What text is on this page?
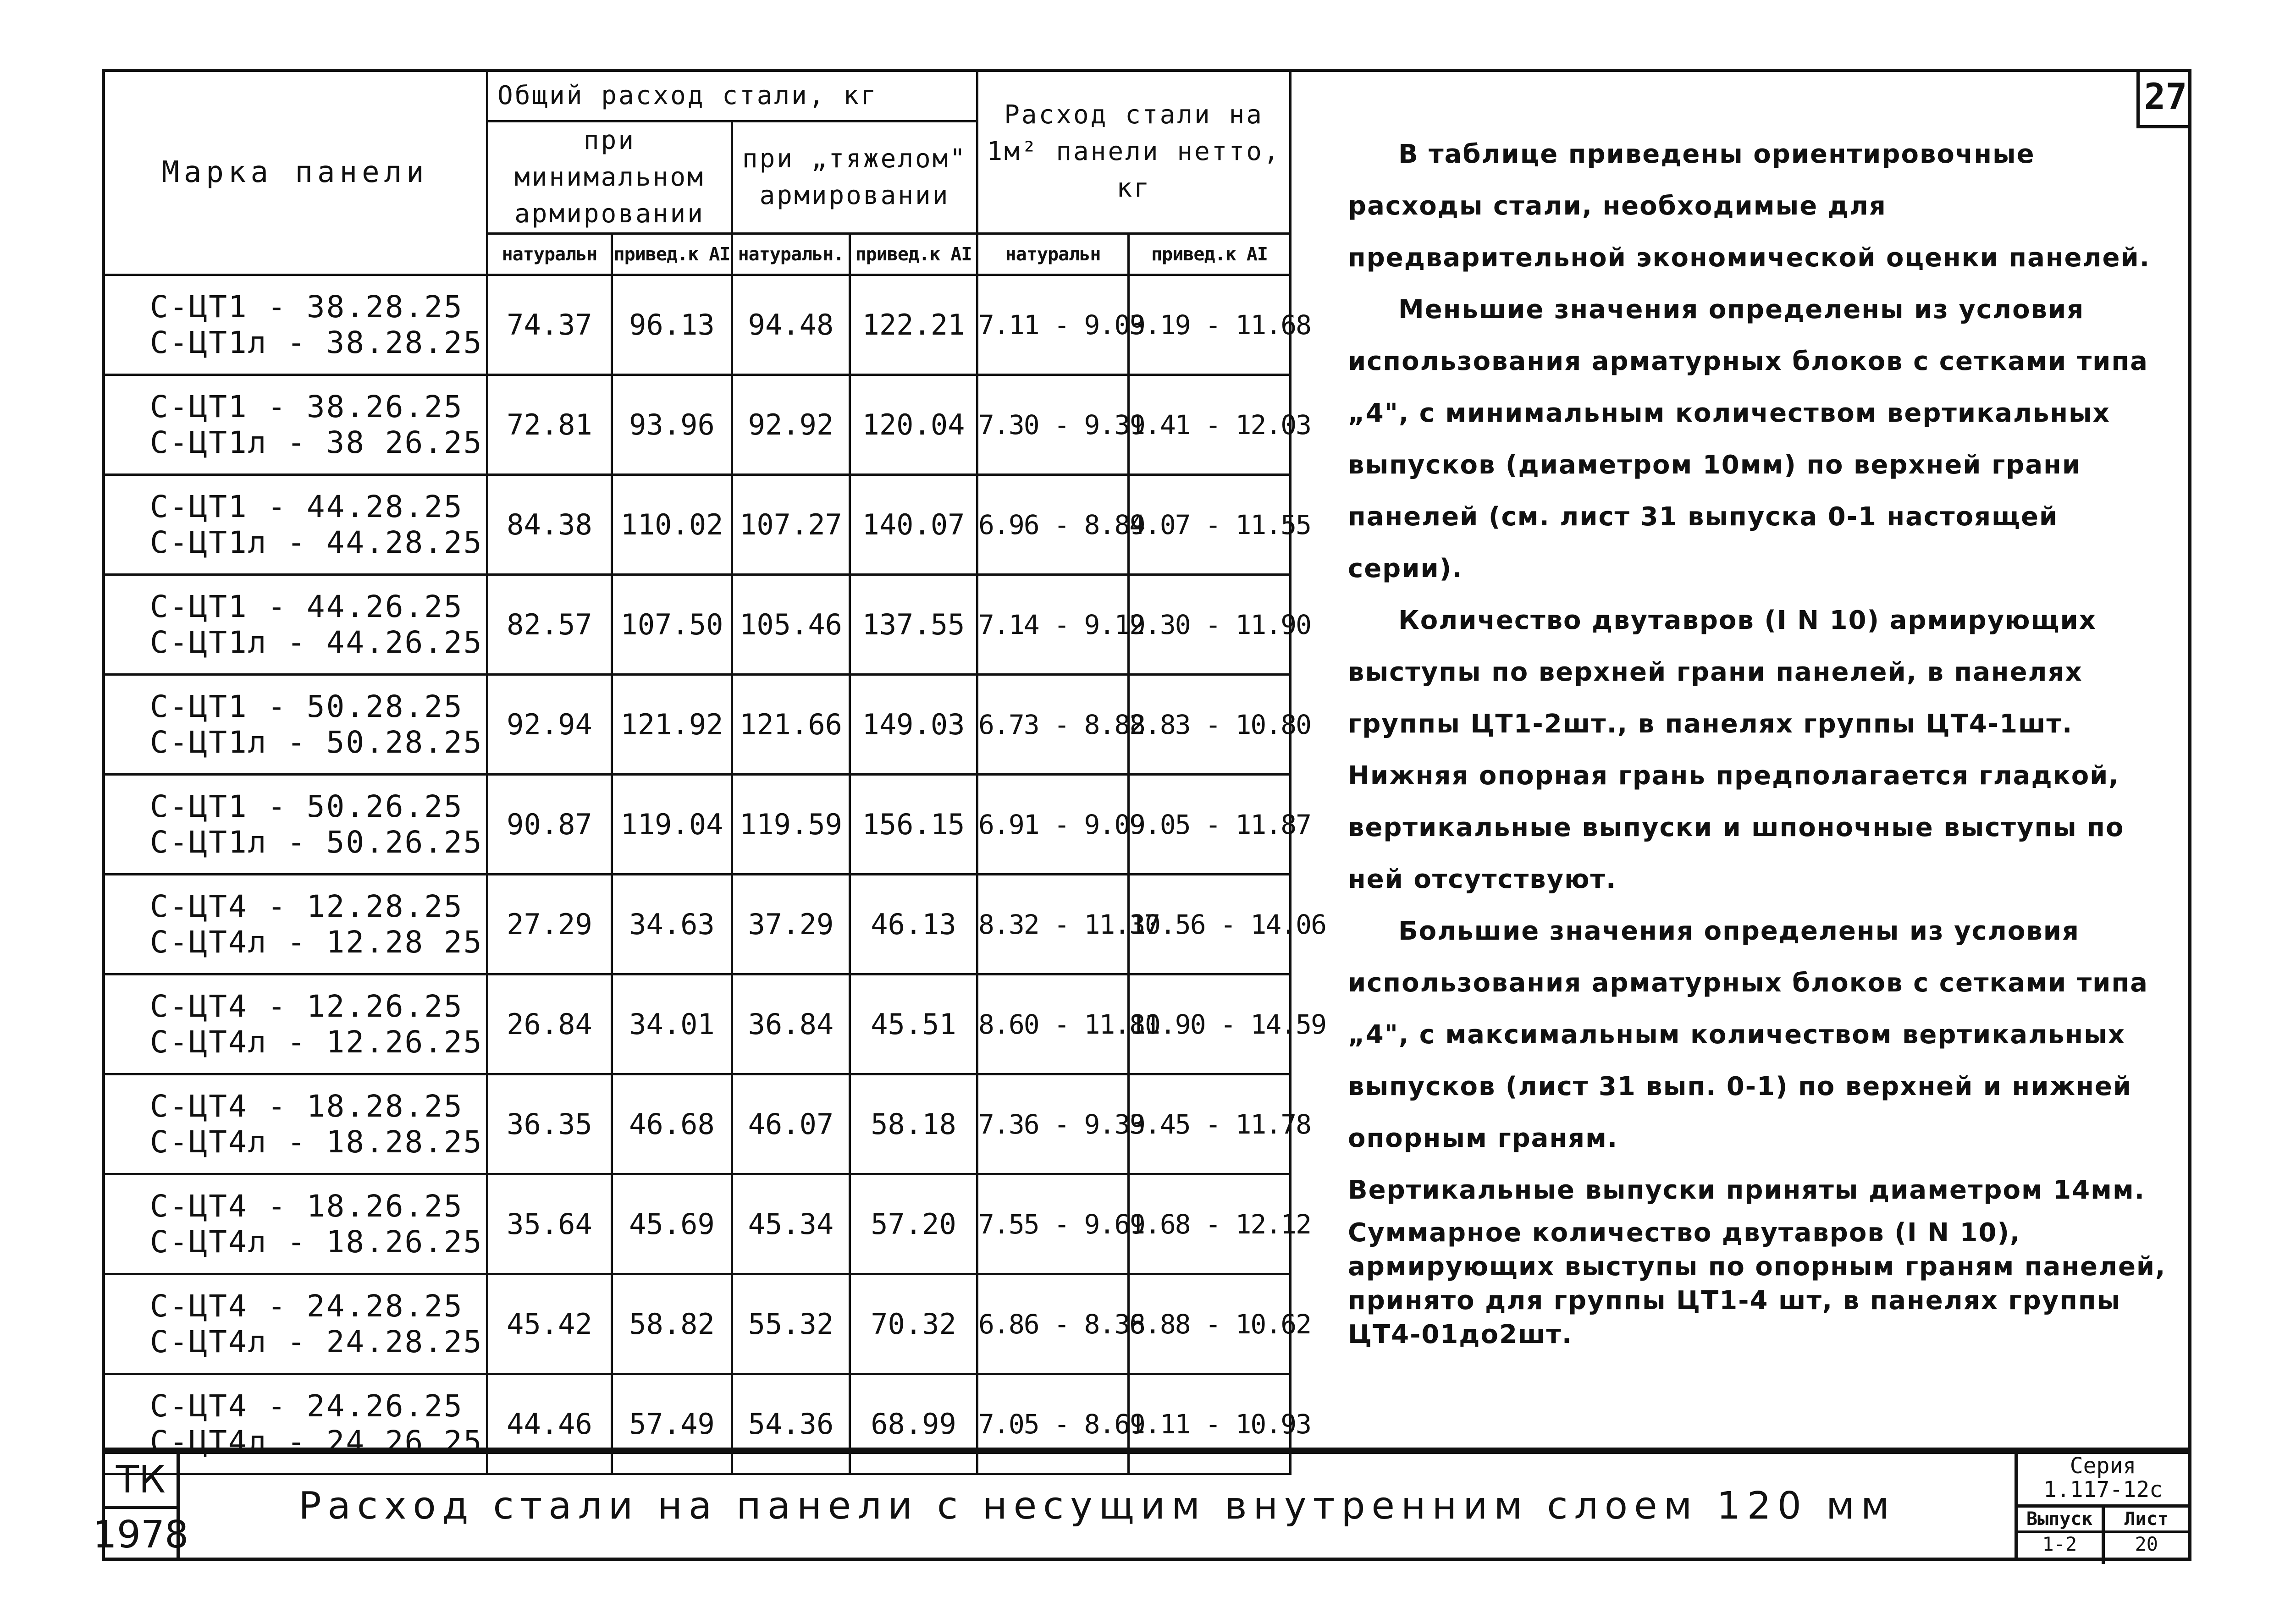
Марка панели	Общий расход стали, кг				Расход стали на 1м² панели нетто, кг	
	при минимальном армировании		при „тяжелом" армировании			
	натуральн	привед.к AI	натуральн.	привед.к AI	натуральн	привед.к AI

С-ЦТ1 - 38.28.25
С-ЦТ1л - 38.28.25	74.37	96.13	94.48	122.21	7.11 - 9.03	9.19 - 11.68

С-ЦТ1 - 38.26.25
С-ЦТ1л - 38 26.25	72.81	93.96	92.92	120.04	7.30 - 9.31	9.41 - 12.03

С-ЦТ1 - 44.28.25
С-ЦТ1л - 44.28.25	84.38	110.02	107.27	140.07	6.96 - 8.84	9.07 - 11.55

С-ЦТ1 - 44.26.25
С-ЦТ1л - 44.26.25	82.57	107.50	105.46	137.55	7.14 - 9.12	9.30 - 11.90

С-ЦТ1 - 50.28.25
С-ЦТ1л - 50.28.25	92.94	121.92	121.66	149.03	6.73 - 8.82	8.83 - 10.80

С-ЦТ1 - 50.26.25
С-ЦТ1л - 50.26.25	90.87	119.04	119.59	156.15	6.91 - 9.09	9.05 - 11.87

С-ЦТ4 - 12.28.25
С-ЦТ4л - 12.28 25	27.29	34.63	37.29	46.13	8.32 - 11.37	10.56 - 14.06

С-ЦТ4 - 12.26.25
С-ЦТ4л - 12.26.25	26.84	34.01	36.84	45.51	8.60 - 11.81	10.90 - 14.59

С-ЦТ4 - 18.28.25
С-ЦТ4л - 18.28.25	36.35	46.68	46.07	58.18	7.36 - 9.33	9.45 - 11.78

С-ЦТ4 - 18.26.25
С-ЦТ4л - 18.26.25	35.64	45.69	45.34	57.20	7.55 - 9.61	9.68 - 12.12

С-ЦТ4 - 24.28.25
С-ЦТ4л - 24.28.25	45.42	58.82	55.32	70.32	6.86 - 8.36	8.88 - 10.62

С-ЦТ4 - 24.26.25
С-ЦТ4л - 24.26.25	44.46	57.49	54.36	68.99	7.05 - 8.61	9.11 - 10.93
27

В таблице приведены ориентировочные расходы стали, необходимые для предварительной экономической оценки панелей.

Меньшие значения определены из условия использования арматурных блоков с сетками типа „4", с минимальным количеством вертикальных выпусков (диаметром 10мм) по верхней грани панелей (см. лист 31 выпуска 0-1 настоящей серии).

Количество двутавров (I N 10) армирующих выступы по верхней грани панелей, в панелях группы ЦТ1-2шт., в панелях группы ЦТ4-1шт.

Нижняя опорная грань предполагается гладкой, вертикальные выпуски и шпоночные выступы по ней отсутствуют.

Большие значения определены из условия использования арматурных блоков с сетками типа „4", с максимальным количеством вертикальных выпусков (лист 31 вып. 0-1) по верхней и нижней опорным граням.

Вертикальные выпуски приняты диаметром 14мм.

Суммарное количество двутавров (I N 10), армирующих выступы по опорным граням панелей, принято для группы ЦТ1-4 шт, в панелях группы ЦТ4-01до2шт.

ТК
1978
Расход стали на панели с несущим внутренним слоем 120 мм
Серия
1.117-12с
Выпуск
1-2
Лист
20
